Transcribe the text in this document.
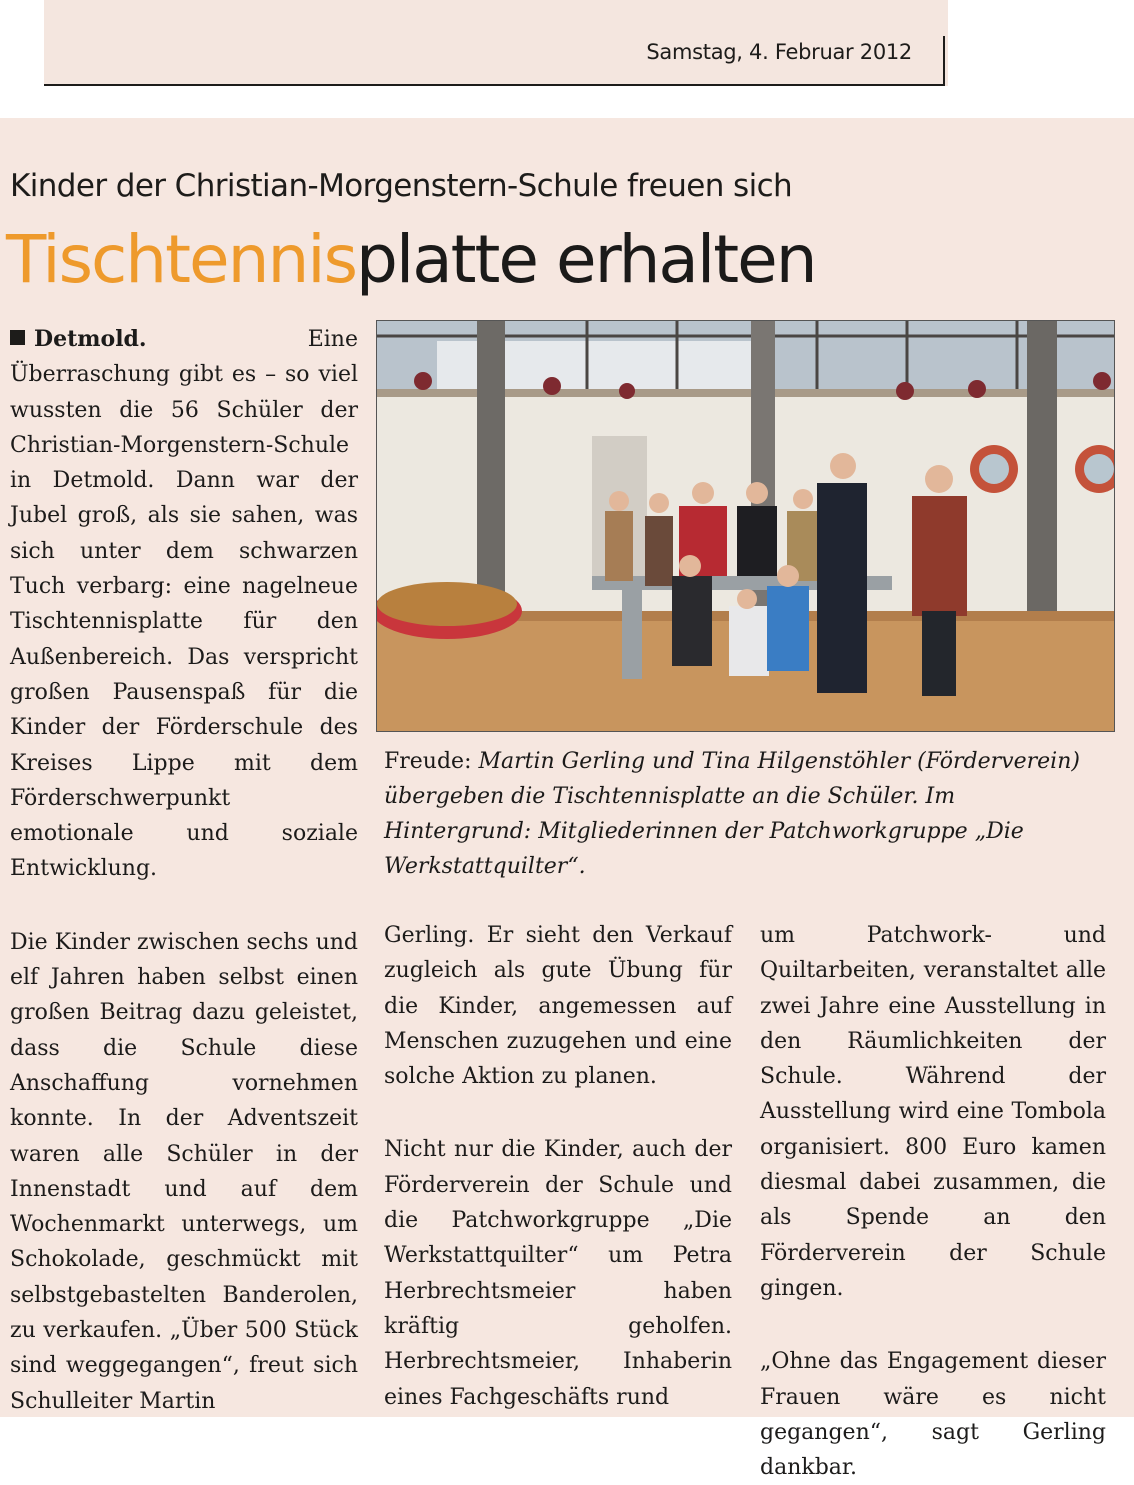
Samstag, 4. Februar 2012
Kinder der Christian-Morgenstern-Schule freuen sich
Tischtennisplatte erhalten

Detmold.	Eine Überraschung gibt es – so viel wussten die 56 Schüler der Christian-Morgenstern-Schule in Detmold. Dann war der Jubel groß, als sie sahen, was sich unter dem schwarzen Tuch verbarg: eine nagelneue Tischtennisplatte für den Außenbereich. Das verspricht großen Pausenspaß für die Kinder der Förderschule des Kreises Lippe mit dem Förderschwerpunkt emotionale und soziale Entwicklung.

Die Kinder zwischen sechs und elf Jahren haben selbst einen großen Beitrag dazu geleistet, dass die Schule diese Anschaffung vornehmen konnte. In der Adventszeit waren alle Schüler in der Innenstadt und auf dem Wochenmarkt unterwegs, um Schokolade, geschmückt mit selbstgebastelten Banderolen, zu verkaufen. „Über 500 Stück sind weggegangen“, freut sich Schulleiter Martin

Freude: Martin Gerling und Tina Hilgenstöhler (Förderverein) übergeben die Tischtennisplatte an die Schüler. Im Hintergrund: Mitgliederinnen der Patchworkgruppe „Die Werkstattquilter“.

Gerling. Er sieht den Verkauf zugleich als gute Übung für die Kinder, angemessen auf Menschen zuzugehen und eine solche Aktion zu planen.

Nicht nur die Kinder, auch der Förderverein der Schule und die Patchworkgruppe „Die Werkstattquilter“ um Petra Herbrechtsmeier haben kräftig geholfen. Herbrechtsmeier, Inhaberin eines Fachgeschäfts rund

um Patchwork- und Quiltarbeiten, veranstaltet alle zwei Jahre eine Ausstellung in den Räumlichkeiten der Schule. Während der Ausstellung wird eine Tombola organisiert. 800 Euro kamen diesmal dabei zusammen, die als Spende an den Förderverein der Schule gingen.

„Ohne das Engagement dieser Frauen wäre es nicht gegangen“, sagt Gerling dankbar.
